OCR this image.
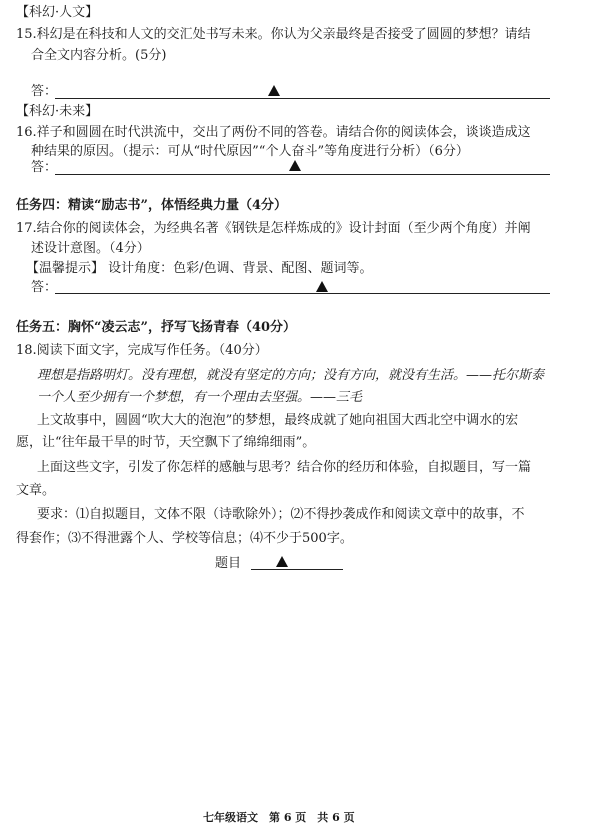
【科幻·人文】
15.科幻是在科技和人文的交汇处书写未来。你认为父亲最终是否接受了圆圆的梦想？请结
合全文内容分析。(5分)
答：
【科幻·未来】
16.祥子和圆圆在时代洪流中，交出了两份不同的答卷。请结合你的阅读体会，谈谈造成这
种结果的原因。（提示：可从“时代原因”“个人奋斗”等角度进行分析）（6分）
答：
任务四：精读“励志书”，体悟经典力量（4分）
17.结合你的阅读体会，为经典名著《钢铁是怎样炼成的》设计封面（至少两个角度）并阐
述设计意图。（4分）
【温馨提示】 设计角度：色彩/色调、背景、配图、题词等。
答：
任务五：胸怀“凌云志”，抒写飞扬青春（40分）
18.阅读下面文字，完成写作任务。（40分）
理想是指路明灯。没有理想，就没有坚定的方向；没有方向，就没有生活。——托尔斯泰
一个人至少拥有一个梦想，有一个理由去坚强。——三毛
上文故事中，圆圆“吹大大的泡泡”的梦想，最终成就了她向祖国大西北空中调水的宏
愿，让“往年最干旱的时节，天空飘下了绵绵细雨”。
上面这些文字，引发了你怎样的感触与思考？结合你的经历和体验，自拟题目，写一篇
文章。
要求：⑴自拟题目，文体不限（诗歌除外）；⑵不得抄袭成作和阅读文章中的故事，不
得套作；⑶不得泄露个人、学校等信息；⑷不少于500字。
题目
七年级语文　第 6 页　共 6 页
